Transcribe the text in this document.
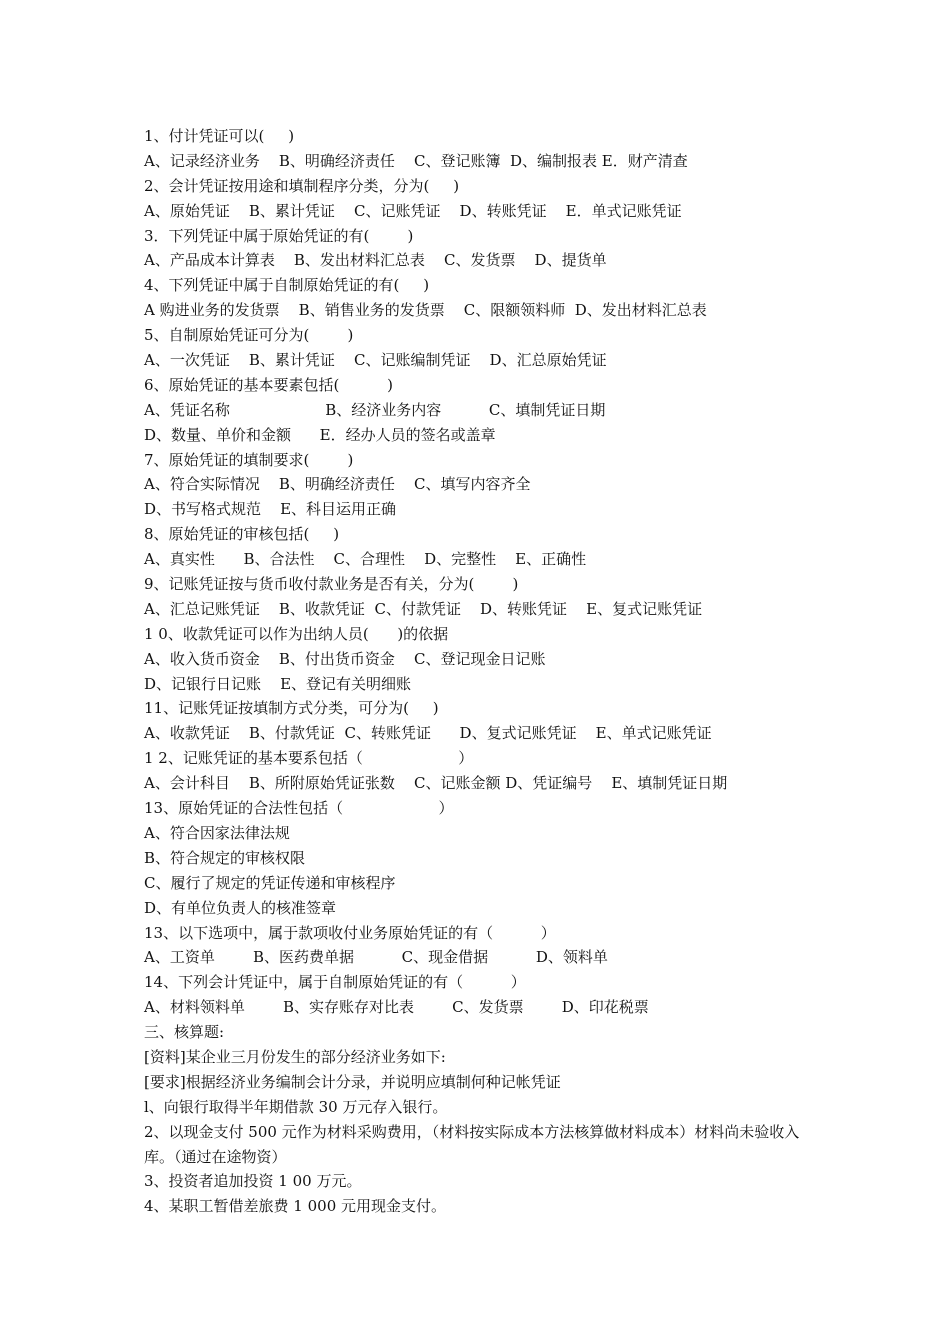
1、付计凭证可以(     )
A、记录经济业务    B、明确经济责任    C、登记账簿  D、编制报表 E．财产清查
2、会计凭证按用途和填制程序分类，分为(     )
A、原始凭证    B、累计凭证    C、记账凭证    D、转账凭证    E．单式记账凭证
3．下列凭证中属于原始凭证的有(        )
A、产品成本计算表    B、发出材料汇总表    C、发货票    D、提货单
4、下列凭证中属于自制原始凭证的有(     )
A 购进业务的发货票    B、销售业务的发货票    C、限额领料师  D、发出材料汇总表
5、自制原始凭证可分为(        )
A、一次凭证    B、累计凭证    C、记账编制凭证    D、汇总原始凭证
6、原始凭证的基本要素包括(          )
A、凭证名称                    B、经济业务内容          C、填制凭证日期
D、数量、单价和金额      E．经办人员的签名或盖章
7、原始凭证的填制要求(        )
A、符合实际情况    B、明确经济责任    C、填写内容齐全
D、书写格式规范    E、科目运用正确
8、原始凭证的审核包括(     )
A、真实性      B、合法性    C、合理性    D、完整性    E、正确性
9、记账凭证按与货币收付款业务是否有关，分为(        )
A、汇总记账凭证    B、收款凭证  C、付款凭证    D、转账凭证    E、复式记账凭证
1 0、收款凭证可以作为出纳人员(      )的依据
A、收入货币资金    B、付出货币资金    C、登记现金日记账
D、记银行日记账    E、登记有关明细账
11、记账凭证按填制方式分类，可分为(     )
A、收款凭证    B、付款凭证  C、转账凭证      D、复式记账凭证    E、单式记账凭证
1 2、记账凭证的基本要系包括（                    ）
A、会计科目    B、所附原始凭证张数    C、记账金额 D、凭证编号    E、填制凭证日期
13、原始凭证的合法性包括（                    ）
A、符合因家法律法规
B、符合规定的审核权限
C、履行了规定的凭证传递和审核程序
D、有单位负责人的核准签章
13、以下选项中，属于款项收付业务原始凭证的有（          ）
A、工资单        B、医药费单据          C、现金借据          D、领料单
14、下列会计凭证中，属于自制原始凭证的有（          ）
A、材料领料单        B、实存账存对比表        C、发货票        D、印花税票
三、核算题:
[资料]某企业三月份发生的部分经济业务如下:
[要求]根据经济业务编制会计分录，并说明应填制何种记帐凭证
l、向银行取得半年期借款 30 万元存入银行。
2、以现金支付 500 元作为材料采购费用，（材料按实际成本方法核算做材料成本）材料尚未验收入库。（通过在途物资）
3、投资者追加投资 1 00 万元。
4、某职工暂借差旅费 1 000 元用现金支付。
